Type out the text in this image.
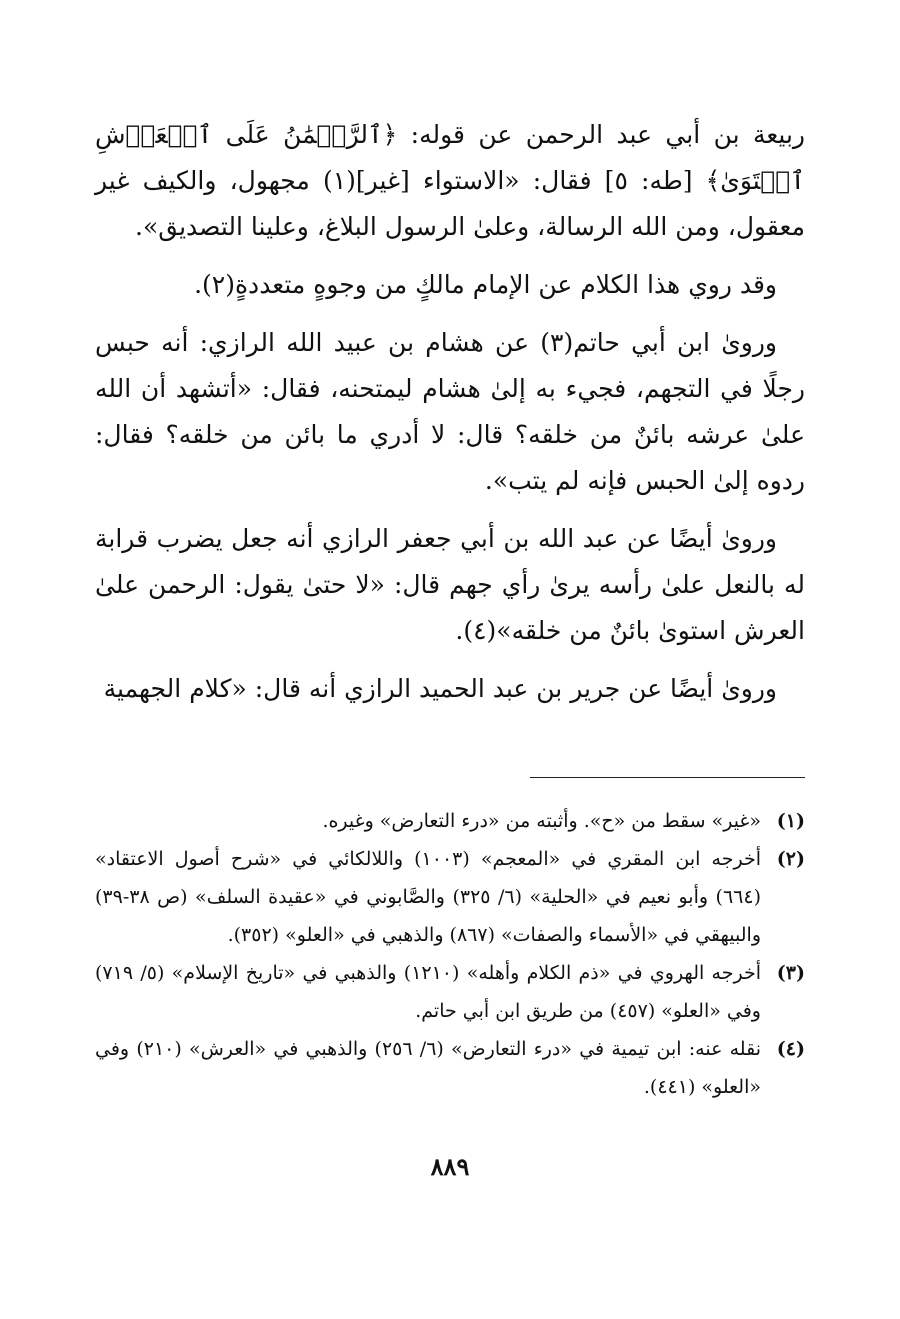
ربيعة بن أبي عبد الرحمن عن قوله: ﴿ٱلرَّحۡمَٰنُ عَلَى ٱلۡعَرۡشِ ٱسۡتَوَىٰ﴾ [طه: ٥] فقال: «الاستواء [غير](١) مجهول، والكيف غير معقول، ومن الله الرسالة، وعلىٰ الرسول البلاغ، وعلينا التصديق».

وقد روي هذا الكلام عن الإمام مالكٍ من وجوهٍ متعددةٍ(٢).

ورویٰ ابن أبي حاتم(٣) عن هشام بن عبيد الله الرازي: أنه حبس رجلًا في التجهم، فجيء به إلىٰ هشام ليمتحنه، فقال: «أتشهد أن الله علىٰ عرشه بائنٌ من خلقه؟ قال: لا أدري ما بائن من خلقه؟ فقال: ردوه إلىٰ الحبس فإنه لم يتب».

وروىٰ أيضًا عن عبد الله بن أبي جعفر الرازي أنه جعل يضرب قرابة له بالنعل علىٰ رأسه يرىٰ رأي جهم قال: «لا حتىٰ يقول: الرحمن علىٰ العرش استوىٰ بائنٌ من خلقه»(٤).

وروىٰ أيضًا عن جرير بن عبد الحميد الرازي أنه قال: «كلام الجهمية

(١)
«غير» سقط من «ح». وأثبته من «درء التعارض» وغيره.
(٢)
أخرجه ابن المقري في «المعجم» (١٠٠٣) واللالكائي في «شرح أصول الاعتقاد» (٦٦٤) وأبو نعيم في «الحلية» (٦/ ٣٢٥) والصَّابوني في «عقيدة السلف» (ص ٣٨-٣٩) والبيهقي في «الأسماء والصفات» (٨٦٧) والذهبي في «العلو» (٣٥٢).
(٣)
أخرجه الهروي في «ذم الكلام وأهله» (١٢١٠) والذهبي في «تاريخ الإسلام» (٥/ ٧١٩) وفي «العلو» (٤٥٧) من طريق ابن أبي حاتم.
(٤)
نقله عنه: ابن تيمية في «درء التعارض» (٦/ ٢٥٦) والذهبي في «العرش» (٢١٠) وفي «العلو» (٤٤١).
٨٨٩
